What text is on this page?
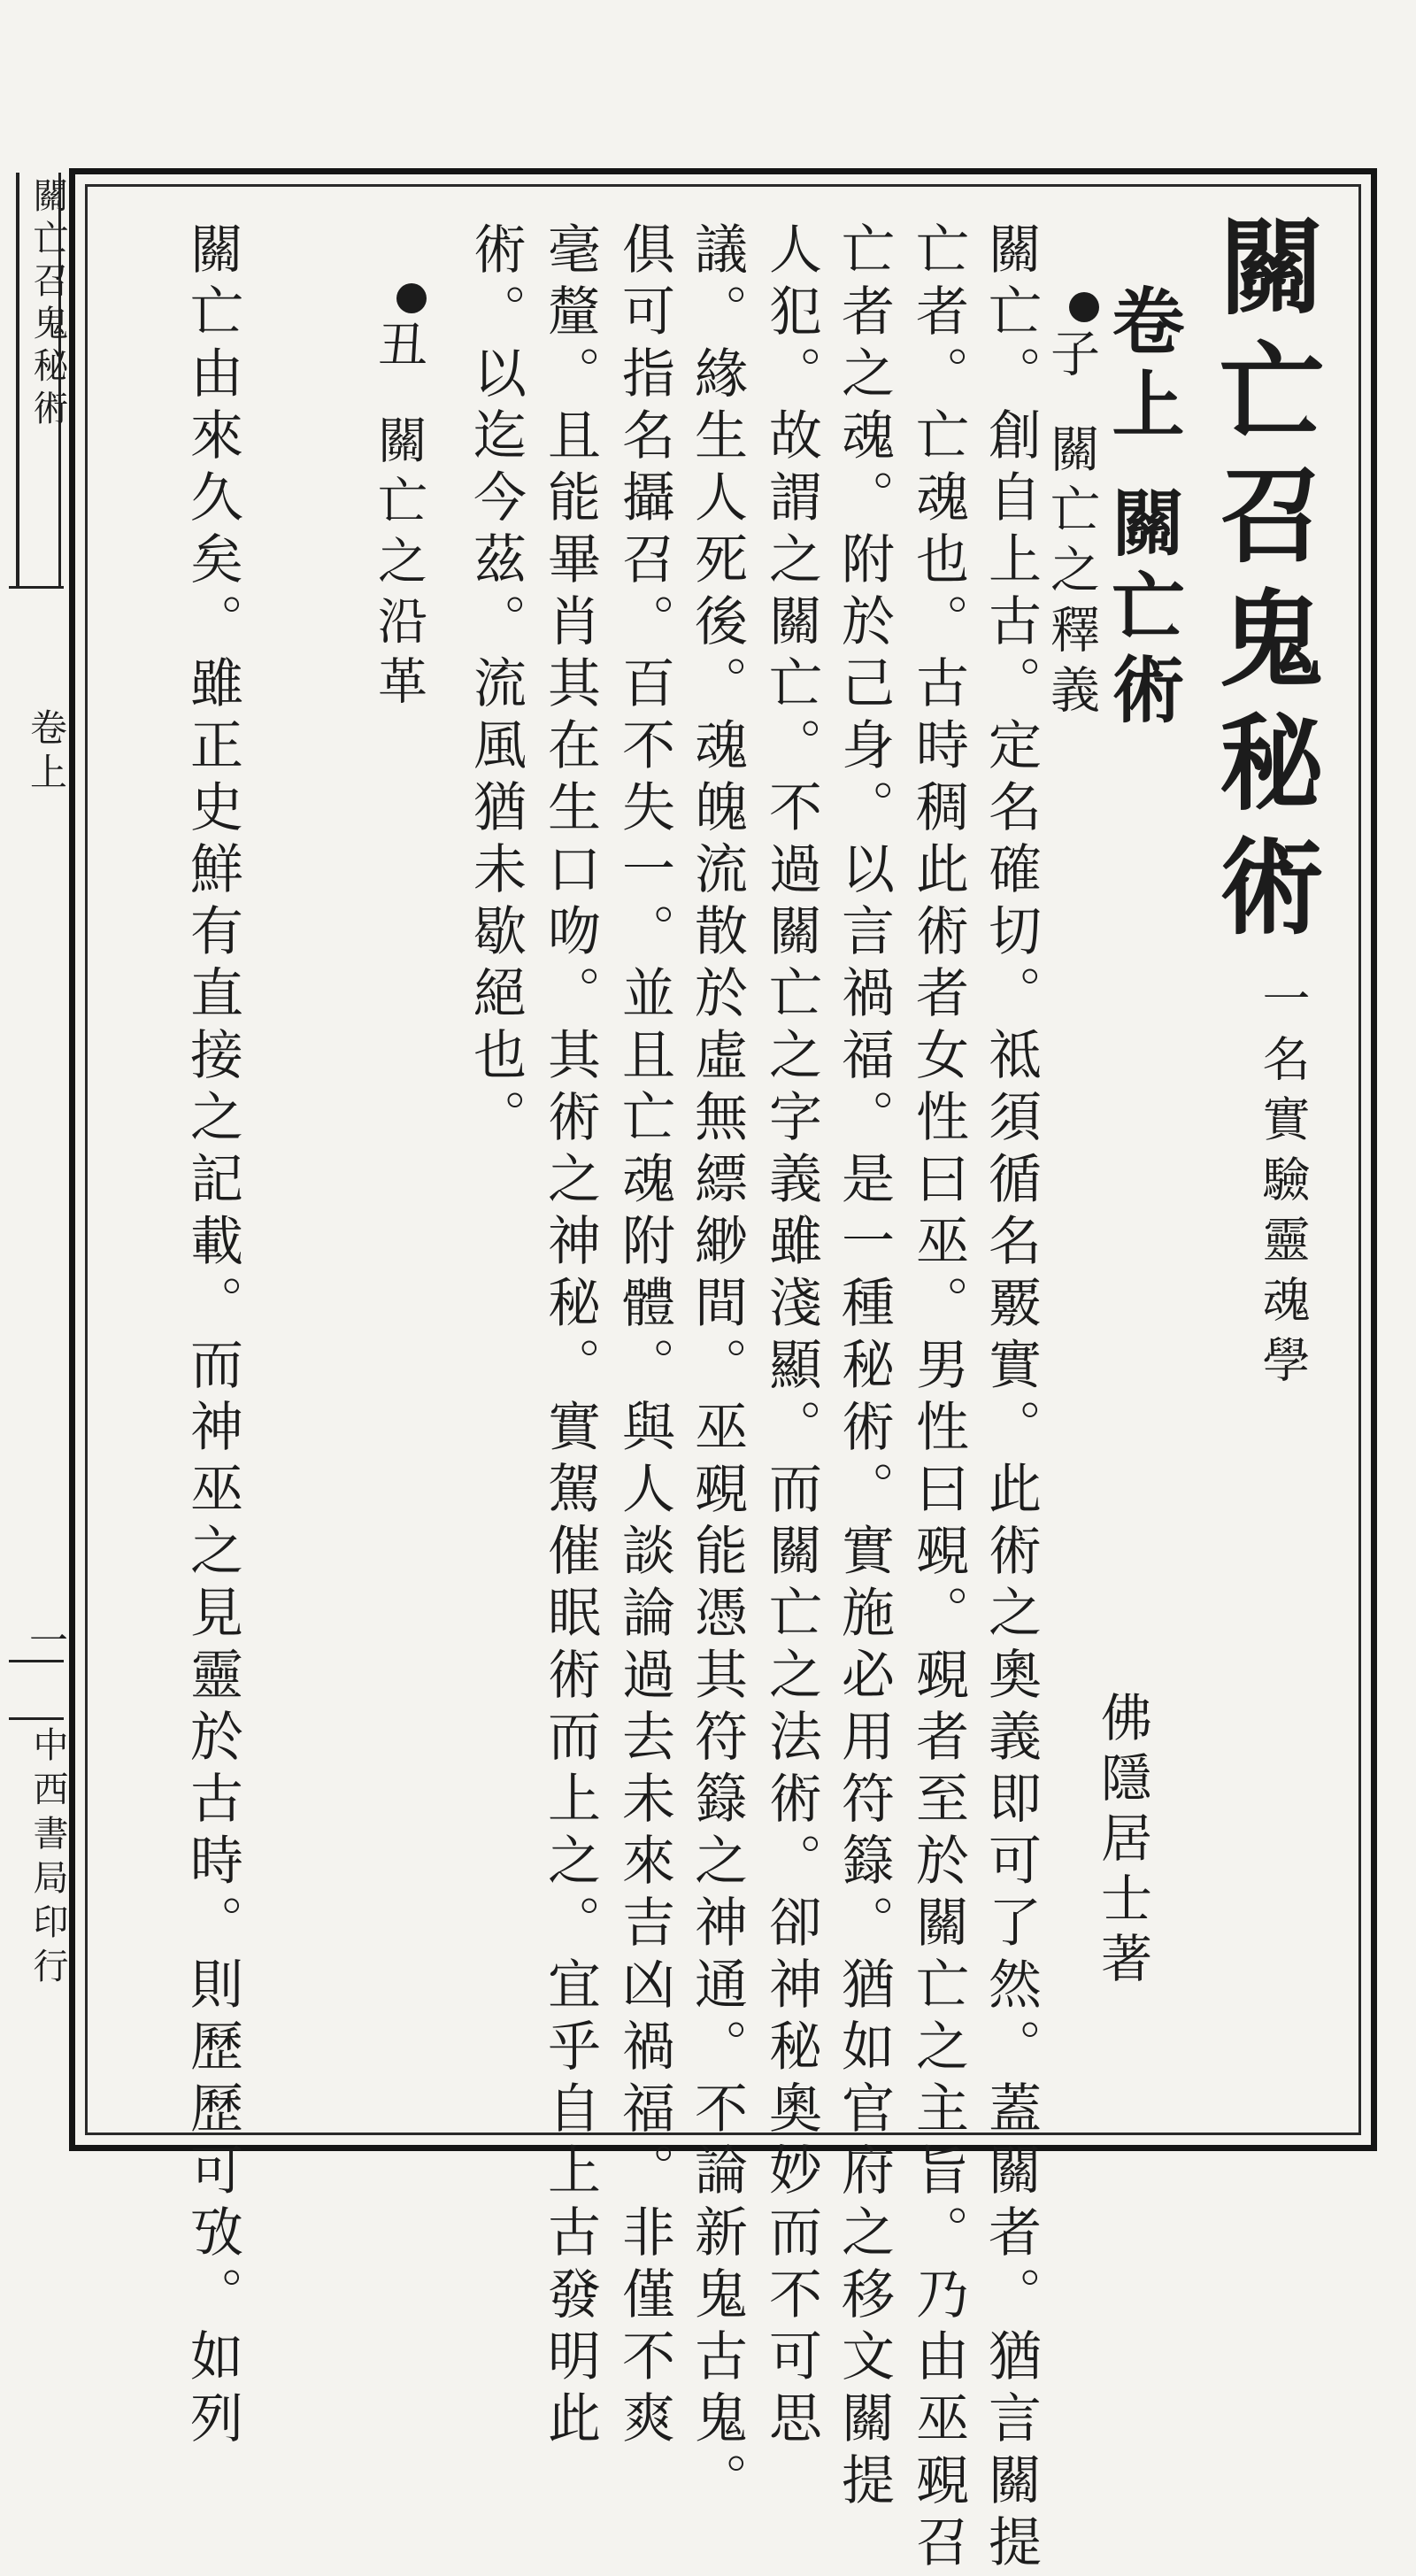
關亡召鬼秘術
卷上
一
中西書局印行
關亡召鬼秘術
一名實驗靈魂學
佛隱居士著
卷上關亡術
子關亡之釋義
關亡。創自上古。定名確切。祗須循名覈實。此術之奧義即可了然。蓋關者。猶言關提
亡者。亡魂也。古時稠此術者女性曰巫。男性曰覡。覡者至於關亡之主旨。乃由巫覡召
亡者之魂。附於己身。以言禍福。是一種秘術。實施必用符籙。猶如官府之移文關提
人犯。故謂之關亡。不過關亡之字義雖淺顯。而關亡之法術。卻神秘奧妙而不可思
議。緣生人死後。魂魄流散於虛無縹緲間。巫覡能憑其符籙之神通。不論新鬼古鬼。
俱可指名攝召。百不失一。並且亡魂附體。與人談論過去未來吉凶禍福。非僅不爽
毫釐。且能畢肖其在生口吻。其術之神秘。實駕催眠術而上之。宜乎自上古發明此
術。以迄今茲。流風猶未歇絕也。
丑關亡之沿革
關亡由來久矣。雖正史鮮有直接之記載。而神巫之見靈於古時。則歷歷可攷。如列
